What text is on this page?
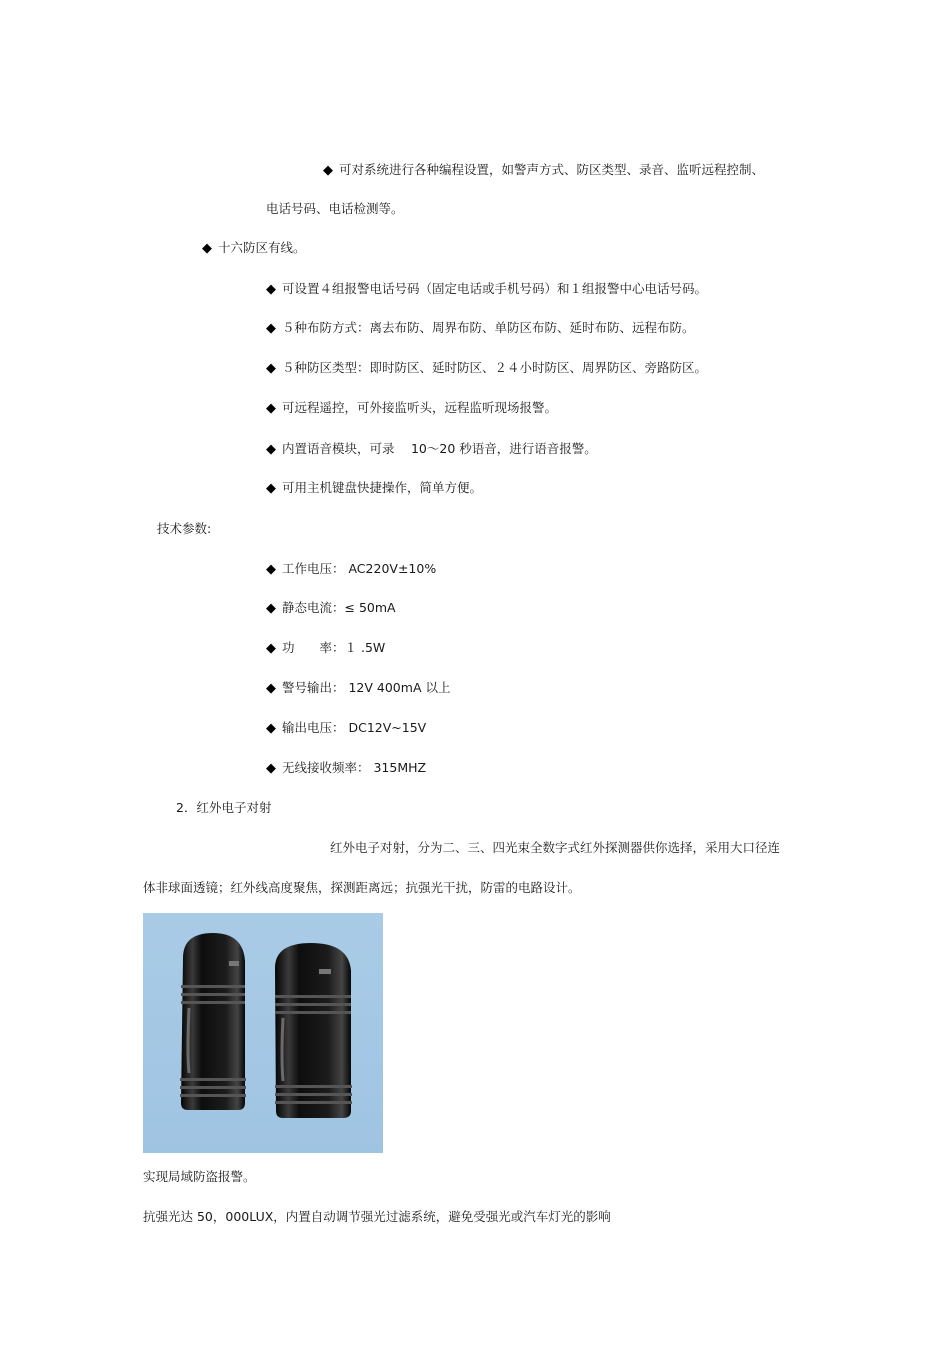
◆ 可对系统进行各种编程设置，如警声方式、防区类型、录音、监听远程控制、
电话号码、电话检测等。
◆ 十六防区有线。
◆ 可设置４组报警电话号码（固定电话或手机号码）和１组报警中心电话号码。
◆ ５种布防方式：离去布防、周界布防、单防区布防、延时布防、远程布防。
◆ ５种防区类型：即时防区、延时防区、２４小时防区、周界防区、旁路防区。
◆ 可远程遥控，可外接监听头，远程监听现场报警。
◆ 内置语音模块，可录　 10～20 秒语音，进行语音报警。
◆ 可用主机键盘快捷操作，简单方便。
技术参数:
◆ 工作电压： AC220V±10%
◆ 静态电流：≤ 50mA
◆ 功　　率：１ .5W
◆ 警号输出： 12V 400mA 以上
◆ 输出电压： DC12V~15V
◆ 无线接收频率： 315MHZ
2．红外电子对射
红外电子对射，分为二、三、四光束全数字式红外探测器供你选择，采用大口径连
体非球面透镜；红外线高度聚焦，探测距离远；抗强光干扰，防雷的电路设计。
实现局域防盗报警。
抗强光达 50，000LUX，内置自动调节强光过滤系统，避免受强光或汽车灯光的影响
